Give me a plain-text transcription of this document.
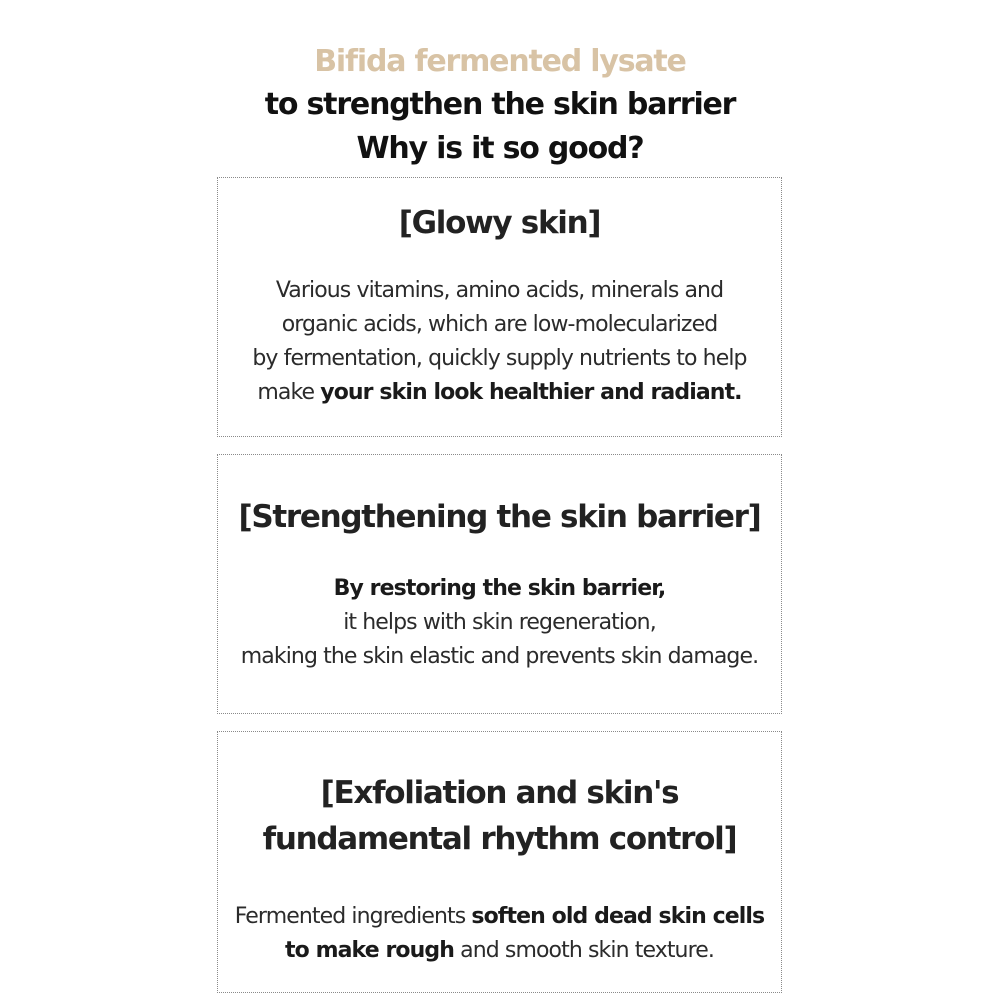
Bifida fermented lysate
to strengthen the skin barrier
Why is it so good?
[Glowy skin]
Various vitamins, amino acids, minerals and
organic acids, which are low-molecularized
by fermentation, quickly supply nutrients to help
make your skin look healthier and radiant.
[Strengthening the skin barrier]
By restoring the skin barrier,
it helps with skin regeneration,
making the skin elastic and prevents skin damage.
[Exfoliation and skin's
fundamental rhythm control]
Fermented ingredients soften old dead skin cells
to make rough and smooth skin texture.
